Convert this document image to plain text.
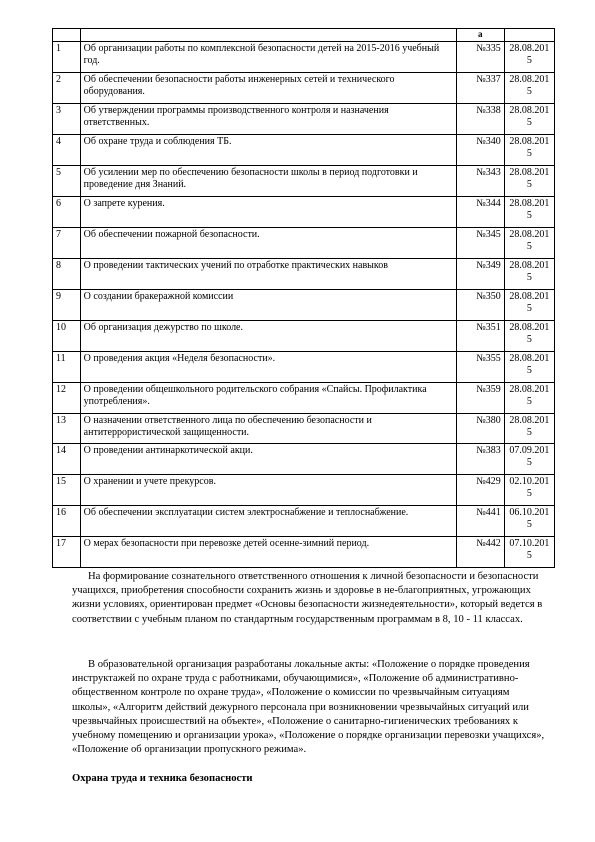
		а	
1	Об организации работы по комплексной безопасности детей на 2015-2016 учебный год.	№335	28.08.2015

2	Об обеспечении безопасности работы инженерных сетей и технического оборудования.	№337	28.08.2015

3	Об утверждении программы производственного контроля и назначения ответственных.	№338	28.08.2015

4	Об охране труда и соблюдения ТБ.	№340	28.08.2015

5	Об усилении мер по обеспечению безопасности школы в период подготовки и проведение дня Знаний.	№343	28.08.2015

6	О запрете курения.	№344	28.08.2015

7	Об обеспечении пожарной безопасности.	№345	28.08.2015

8	О проведении тактических учений по отработке практических навыков	№349	28.08.2015

9	О создании бракеражной комиссии	№350	28.08.2015

10	Об организация дежурство по школе.	№351	28.08.2015

11	О проведения акция «Неделя безопасности».	№355	28.08.2015

12	О проведении общешкольного родительского собрания «Спайсы. Профилактика употребления».	№359	28.08.2015

13	О назначении ответственного лица по обеспечению безопасности и антитеррористической защищенности.	№380	28.08.2015

14	О проведении антинаркотической акци.	№383	07.09.2015

15	О хранении и учете прекурсов.	№429	02.10.2015

16	Об обеспечении эксплуатации систем электроснабжение и теплоснабжение.	№441	06.10.2015

17	О мерах безопасности при перевозке детей осенне-зимний период.	№442	07.10.2015
На формирование сознательного ответственного отношения к личной безопасности и безопасности учащихся, приобретения способности сохранить жизнь и здоровье в не-благоприятных, угрожающих жизни условиях, ориентирован предмет «Основы безопасности жизнедеятельности», который ведется в соответствии с учебным планом по стандартным государственным программам в 8, 10 - 11 классах.
В образовательной организация разработаны локальные акты: «Положение о порядке проведения инструктажей по охране труда с работниками, обучающимися», «Положение об административно-общественном контроле по охране труда», «Положение о комиссии по чрезвычайным ситуациям школы», «Алгоритм действий дежурного персонала при возникновении чрезвычайных ситуаций или чрезвычайных происшествий на объекте», «Положение о санитарно-гигиенических требованиях к учебному помещению и организации урока», «Положение о порядке организации перевозки учащихся», «Положение об организации пропускного режима».
Охрана труда и техника безопасности
